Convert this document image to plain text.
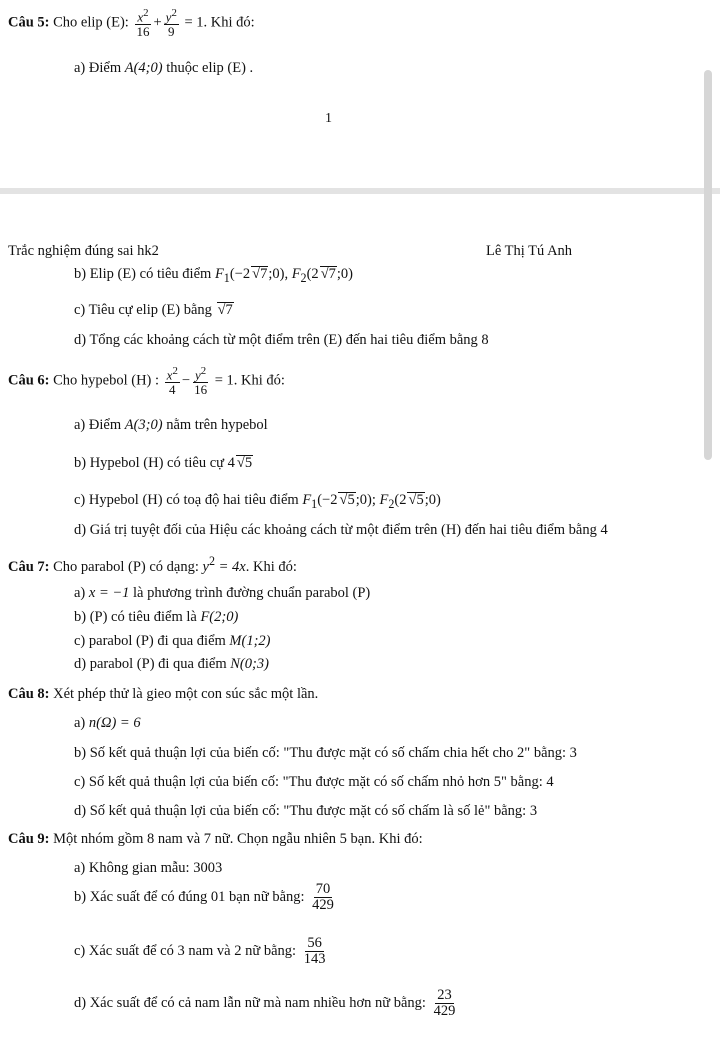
Câu 5: Cho elip (E): $\frac{x^2}{16} + \frac{y^2}{9} = 1$. Khi đó:
a) Điểm A(4;0) thuộc elip (E) .
1
Trắc nghiệm đúng sai hk2	Lê Thị Tú Anh
b) Elip (E) có tiêu điểm $F_1(-2$ √7;0), $F_2(2$ √7;0)
c) Tiêu cự elip (E) bằng √7
d) Tổng các khoảng cách từ một điểm trên (E) đến hai tiêu điểm bằng 8
Câu 6: Cho hypebol (H) : $\frac{x^2}{4} - \frac{y^2}{16} = 1$. Khi đó:
a) Điểm A(3;0) nằm trên hypebol
b) Hypebol (H) có tiêu cự 4 √5
c) Hypebol (H) có toạ độ hai tiêu điểm $F_1(-2$ √5;0); $F_2(2$ √5;0)
d) Giá trị tuyệt đối của Hiệu các khoảng cách từ một điểm trên (H) đến hai tiêu điểm bằng 4
Câu 7: Cho parabol (P) có dạng: $y^2 = 4x$. Khi đó:
a) x = −1 là phương trình đường chuẩn parabol (P)
b) (P) có tiêu điểm là F(2;0)
c) parabol (P) đi qua điểm M(1;2)
d) parabol (P) đi qua điểm N(0;3)
Câu 8: Xét phép thử là gieo một con súc sắc một lần.
a) n(Ω) = 6
b) Số kết quả thuận lợi của biến cố: "Thu được mặt có số chấm chia hết cho 2" bằng: 3
c) Số kết quả thuận lợi của biến cố: "Thu được mặt có số chấm nhỏ hơn 5" bằng: 4
d) Số kết quả thuận lợi của biến cố: "Thu được mặt có số chấm là số lẻ" bằng: 3
Câu 9: Một nhóm gồm 8 nam và 7 nữ. Chọn ngẫu nhiên 5 bạn. Khi đó:
a) Không gian mẫu: 3003
b) Xác suất để có đúng 01 bạn nữ bằng: $\frac{70}{429}$
c) Xác suất để có 3 nam và 2 nữ bằng: $\frac{56}{143}$
d) Xác suất để có cả nam lẫn nữ mà nam nhiều hơn nữ bằng: $\frac{23}{429}$
